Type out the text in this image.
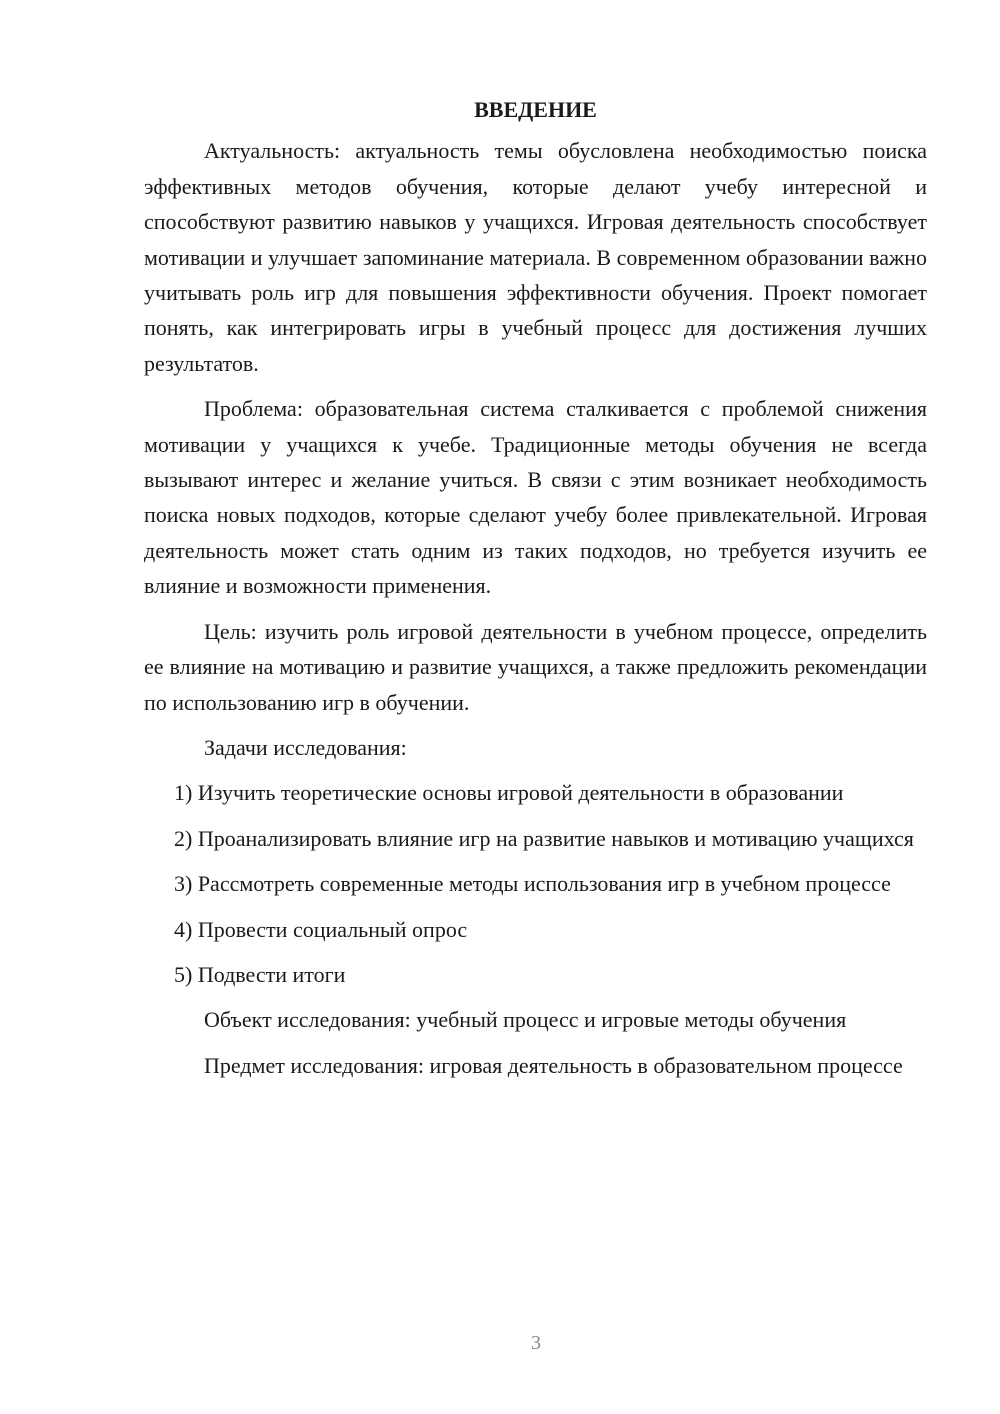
ВВЕДЕНИЕ

Актуальность: актуальность темы обусловлена необходимостью поиска эффективных методов обучения, которые делают учебу интересной и способствуют развитию навыков у учащихся. Игровая деятельность способствует мотивации и улучшает запоминание материала. В современном образовании важно учитывать роль игр для повышения эффективности обучения. Проект помогает понять, как интегрировать игры в учебный процесс для достижения лучших результатов.

Проблема: образовательная система сталкивается с проблемой снижения мотивации у учащихся к учебе. Традиционные методы обучения не всегда вызывают интерес и желание учиться. В связи с этим возникает необходимость поиска новых подходов, которые сделают учебу более привлекательной. Игровая деятельность может стать одним из таких подходов, но требуется изучить ее влияние и возможности применения.

Цель: изучить роль игровой деятельности в учебном процессе, определить ее влияние на мотивацию и развитие учащихся, а также предложить рекомендации по использованию игр в обучении.

Задачи исследования:

1) Изучить теоретические основы игровой деятельности в образовании

2) Проанализировать влияние игр на развитие навыков и мотивацию учащихся

3) Рассмотреть современные методы использования игр в учебном процессе

4) Провести социальный опрос

5) Подвести итоги

Объект исследования: учебный процесс и игровые методы обучения

Предмет исследования: игровая деятельность в образовательном процессе

3
